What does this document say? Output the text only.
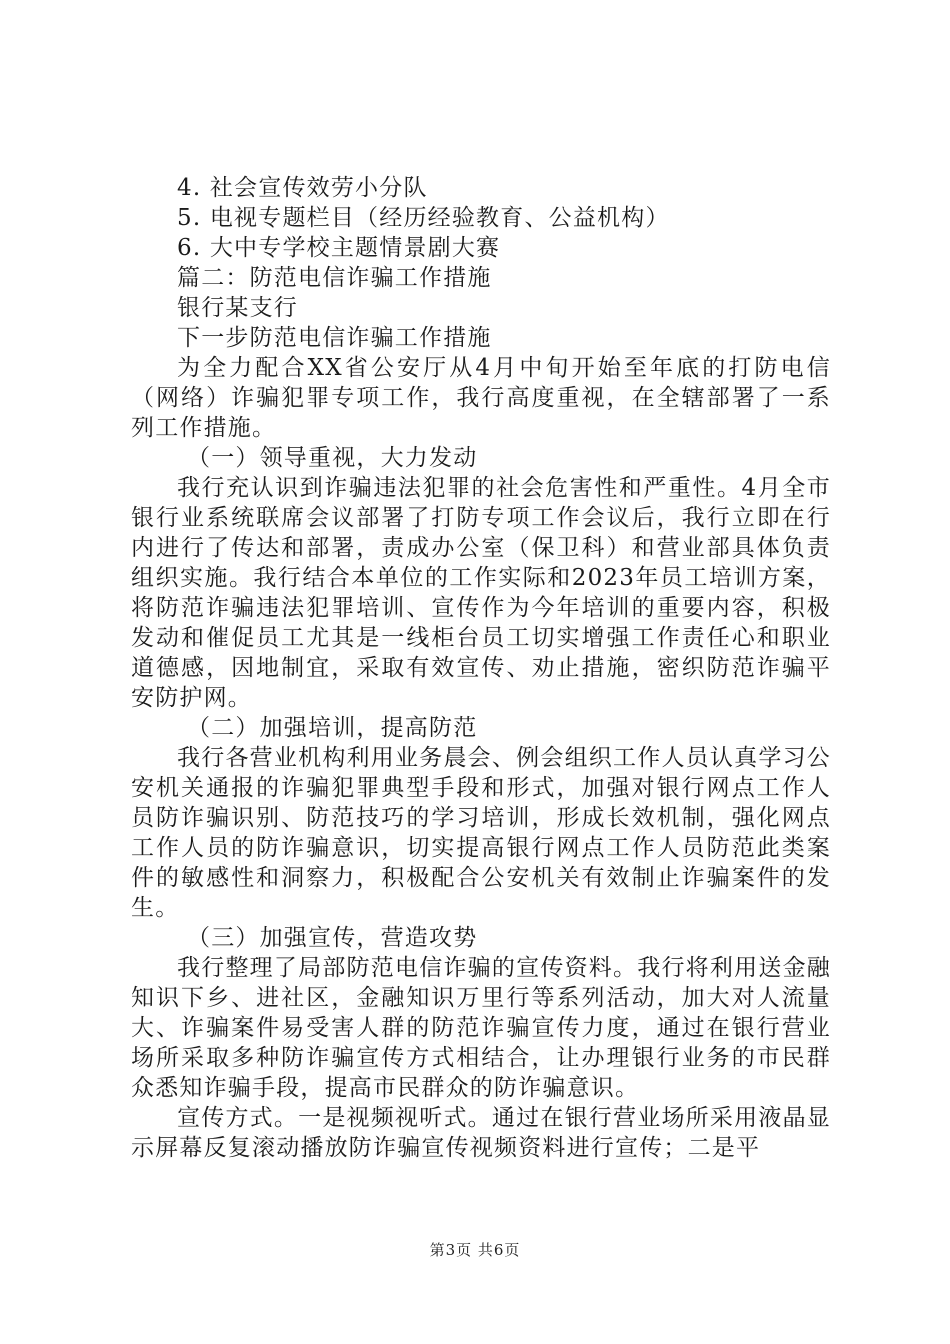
4. 社会宣传效劳小分队
5. 电视专题栏目（经历经验教育、公益机构）
6. 大中专学校主题情景剧大赛
篇二：防范电信诈骗工作措施
银行某支行
下一步防范电信诈骗工作措施

为全力配合XX省公安厅从4月中旬开始至年底的打防电信（网络）诈骗犯罪专项工作，我行高度重视，在全辖部署了一系列工作措施。

（一）领导重视，大力发动

我行充认识到诈骗违法犯罪的社会危害性和严重性。4月全市银行业系统联席会议部署了打防专项工作会议后，我行立即在行内进行了传达和部署，责成办公室（保卫科）和营业部具体负责组织实施。我行结合本单位的工作实际和2023年员工培训方案，将防范诈骗违法犯罪培训、宣传作为今年培训的重要内容，积极发动和催促员工尤其是一线柜台员工切实增强工作责任心和职业道德感，因地制宜，采取有效宣传、劝止措施，密织防范诈骗平安防护网。

（二）加强培训，提高防范

我行各营业机构利用业务晨会、例会组织工作人员认真学习公安机关通报的诈骗犯罪典型手段和形式，加强对银行网点工作人员防诈骗识别、防范技巧的学习培训，形成长效机制，强化网点工作人员的防诈骗意识，切实提高银行网点工作人员防范此类案件的敏感性和洞察力，积极配合公安机关有效制止诈骗案件的发生。

（三）加强宣传，营造攻势

我行整理了局部防范电信诈骗的宣传资料。我行将利用送金融知识下乡、进社区，金融知识万里行等系列活动，加大对人流量大、诈骗案件易受害人群的防范诈骗宣传力度，通过在银行营业场所采取多种防诈骗宣传方式相结合，让办理银行业务的市民群众悉知诈骗手段，提高市民群众的防诈骗意识。

宣传方式。一是视频视听式。通过在银行营业场所采用液晶显示屏幕反复滚动播放防诈骗宣传视频资料进行宣传；二是平

第3页 共6页
